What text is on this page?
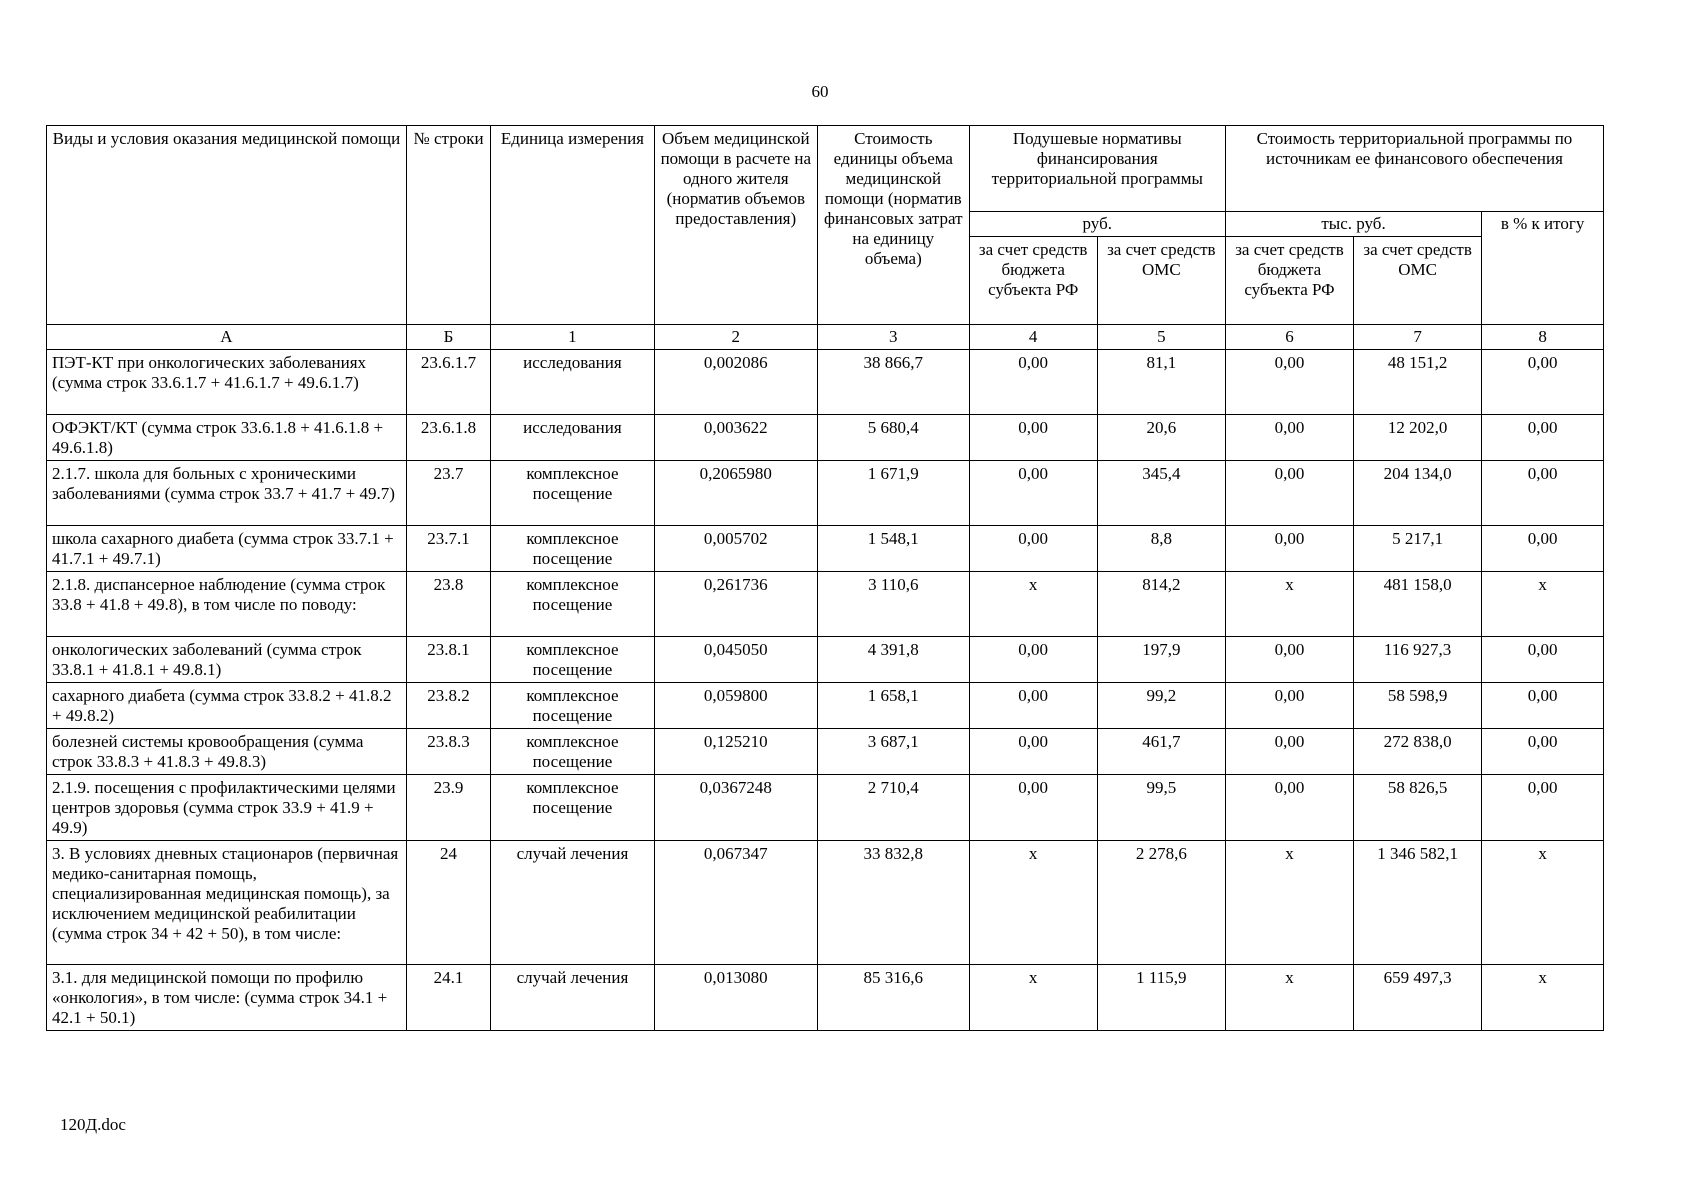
60
Виды и условия оказания медицинской помощи	№ строки	Единица измерения	Объем медицинской помощи в расчете на одного жителя (норматив объемов предоставления)	Стоимость единицы объема медицинской помощи (норматив финансовых затрат на единицу объема)	Подушевые нормативы финансирования территориальной программы		Стоимость территориальной программы по источникам ее финансового обеспечения		
					руб.		тыс. руб.		в % к итогу
					за счет средств бюджета субъекта РФ	за счет средств ОМС	за счет средств бюджета субъекта РФ	за счет средств ОМС	
А	Б	1	2	3	4	5	6	7	8
ПЭТ-КТ при онкологических заболеваниях (сумма строк 33.6.1.7 + 41.6.1.7 + 49.6.1.7)	23.6.1.7	исследования	0,002086	38 866,7	0,00	81,1	0,00	48 151,2	0,00
ОФЭКТ/КТ (сумма строк 33.6.1.8 + 41.6.1.8 + 49.6.1.8)	23.6.1.8	исследования	0,003622	5 680,4	0,00	20,6	0,00	12 202,0	0,00
2.1.7. школа для больных с хроническими заболеваниями (сумма строк 33.7 + 41.7 + 49.7)	23.7	комплексное посещение	0,2065980	1 671,9	0,00	345,4	0,00	204 134,0	0,00
школа сахарного диабета (сумма строк 33.7.1 + 41.7.1 + 49.7.1)	23.7.1	комплексное посещение	0,005702	1 548,1	0,00	8,8	0,00	5 217,1	0,00
2.1.8. диспансерное наблюдение (сумма строк 33.8 + 41.8 + 49.8), в том числе по поводу:	23.8	комплексное посещение	0,261736	3 110,6	х	814,2	х	481 158,0	х
онкологических заболеваний (сумма строк 33.8.1 + 41.8.1 + 49.8.1)	23.8.1	комплексное посещение	0,045050	4 391,8	0,00	197,9	0,00	116 927,3	0,00
сахарного диабета (сумма строк 33.8.2 + 41.8.2 + 49.8.2)	23.8.2	комплексное посещение	0,059800	1 658,1	0,00	99,2	0,00	58 598,9	0,00
болезней системы кровообращения (сумма строк 33.8.3 + 41.8.3 + 49.8.3)	23.8.3	комплексное посещение	0,125210	3 687,1	0,00	461,7	0,00	272 838,0	0,00
2.1.9. посещения с профилактическими целями центров здоровья (сумма строк 33.9 + 41.9 + 49.9)	23.9	комплексное посещение	0,0367248	2 710,4	0,00	99,5	0,00	58 826,5	0,00
3. В условиях дневных стационаров (первичная медико-санитарная помощь, специализированная медицинская помощь), за исключением медицинской реабилитации (сумма строк 34 + 42 + 50), в том числе:	24	случай лечения	0,067347	33 832,8	х	2 278,6	х	1 346 582,1	х
3.1. для медицинской помощи по профилю «онкология», в том числе: (сумма строк 34.1 + 42.1 + 50.1)	24.1	случай лечения	0,013080	85 316,6	х	1 115,9	х	659 497,3	х
120Д.doc
